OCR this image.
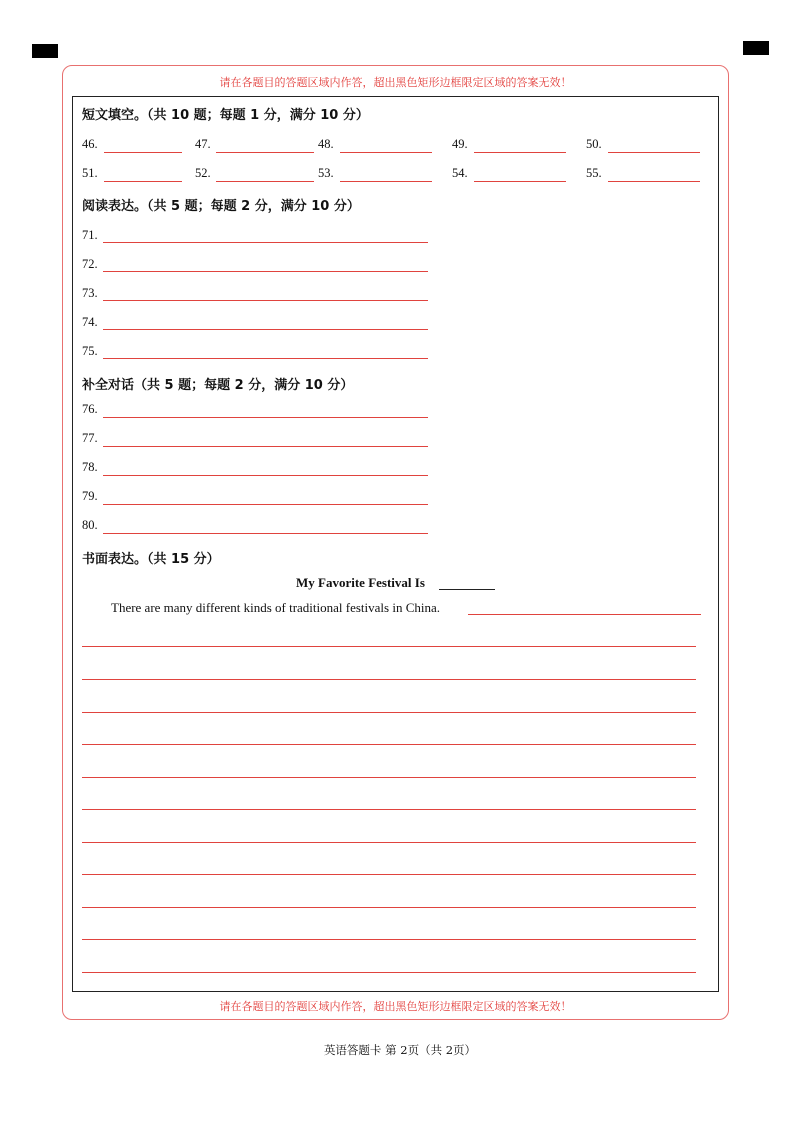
请在各题目的答题区域内作答，超出黑色矩形边框限定区域的答案无效！
请在各题目的答题区域内作答，超出黑色矩形边框限定区域的答案无效！
短文填空。（共 10 题；每题 1 分，满分 10 分）
46.	47.	48.	49.	50.
51.	52.	53.	54.	55.
阅读表达。（共 5 题；每题 2 分，满分 10 分）
71.
72.
73.
74.
75.
补全对话（共 5 题；每题 2 分，满分 10 分）
76.
77.
78.
79.
80.
书面表达。（共 15 分）
My Favorite Festival Is
There are many different kinds of traditional festivals in China.
英语答题卡 第 2页（共 2页）
